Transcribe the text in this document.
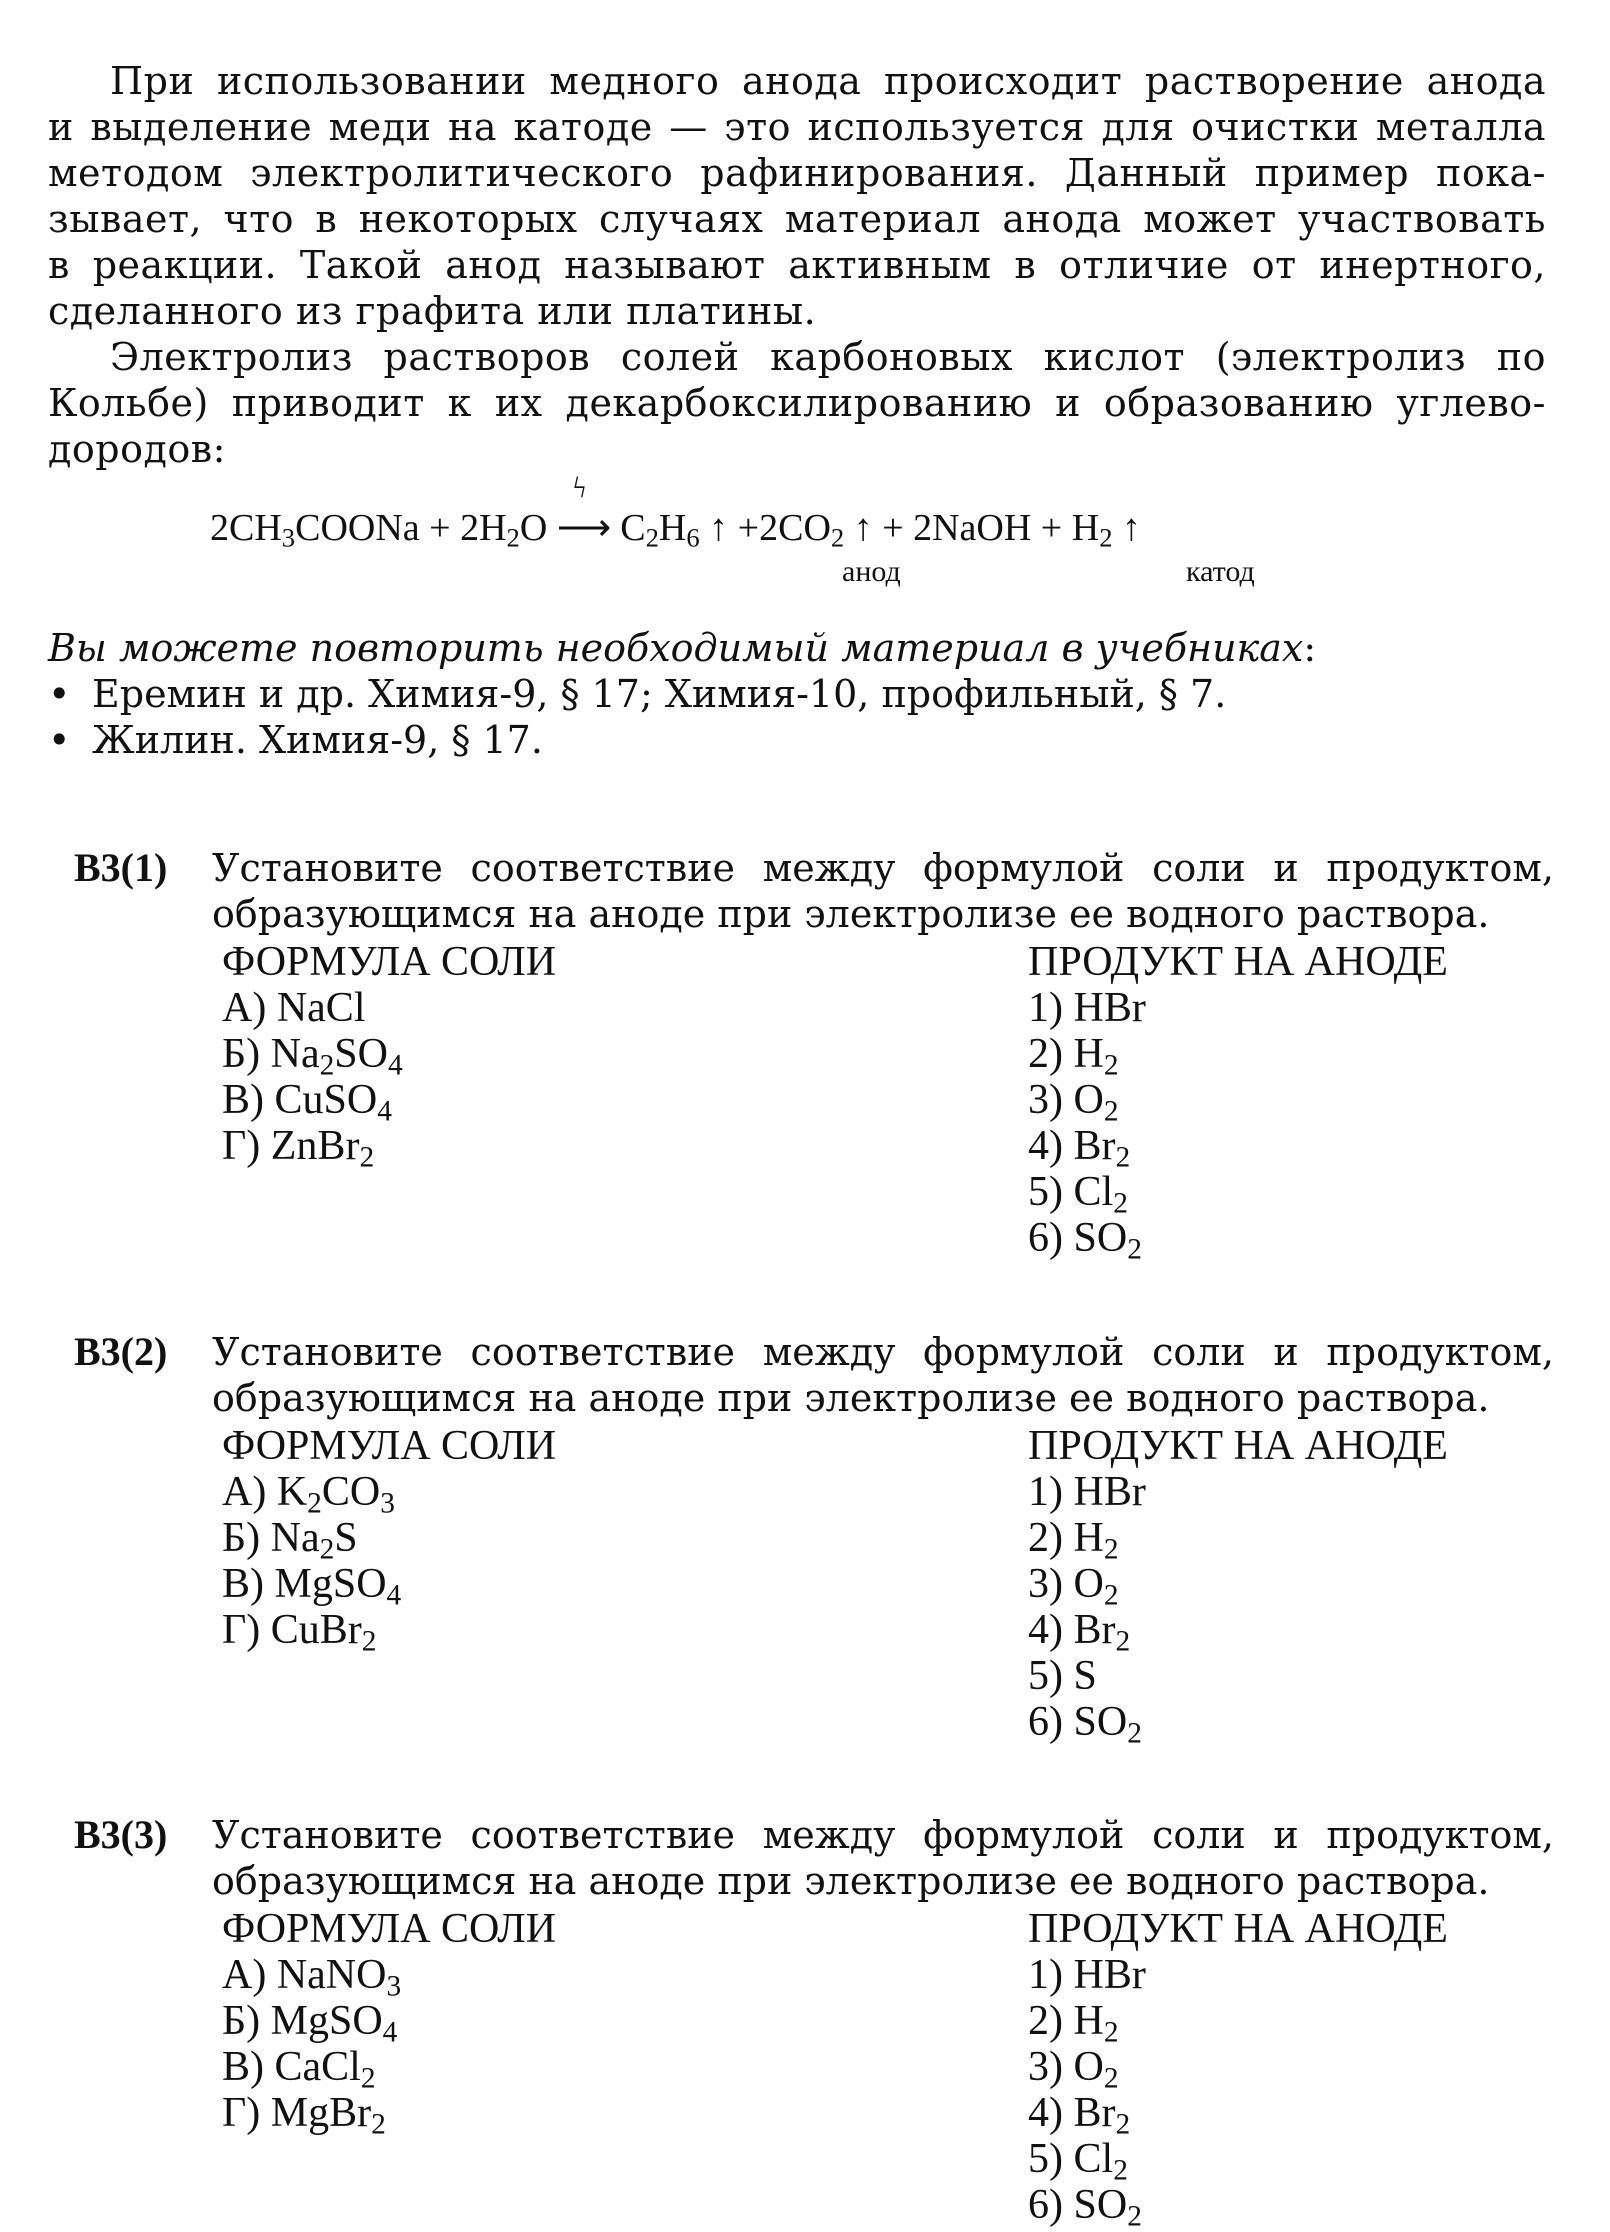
При использовании медного анода происходит растворение анода
и выделение меди на катоде — это используется для очистки металла
методом электролитического рафинирования. Данный пример пока-
зывает, что в некоторых случаях материал анода может участвовать
в реакции. Такой анод называют активным в отличие от инертного,
сделанного из графита или платины.
Электролиз растворов солей карбоновых кислот (электролиз по
Кольбе) приводит к их декарбоксилированию и образованию углево-
дородов:
$2CH_3COONa + 2H_2O$
ϟ
⟶ $C_2H_6$ ↑ $+2CO_2$ ↑ + 2NaOH + $H_2$ ↑
анод	катод
Вы можете повторить необходимый материал в учебниках:
• Еремин и др. Химия-9, § 17; Химия-10, профильный, § 7.
• Жилин. Химия-9, § 17.
В3(1) Установите соответствие между формулой соли и продуктом,
образующимся на аноде при электролизе ее водного раствора.
ФОРМУЛА СОЛИ
А) NaCl
Б) $Na_2SO_4$
В) CuSO$_4$
Г) ZnBr$_2$
ПРОДУКТ НА АНОДЕ
1) HBr
2) $H_2$
3) $O_2$
4) $Br_2$
5) $Cl_2$
6) $SO_2$
В3(2) Установите соответствие между формулой соли и продуктом,
образующимся на аноде при электролизе ее водного раствора.
ФОРМУЛА СОЛИ
А) $K_2CO_3$
Б) $Na_2S$
В) MgSO$_4$
Г) CuBr$_2$
ПРОДУКТ НА АНОДЕ
1) HBr
2) $H_2$
3) $O_2$
4) $Br_2$
5) S
6) $SO_2$
В3(3) Установите соответствие между формулой соли и продуктом,
образующимся на аноде при электролизе ее водного раствора.
ФОРМУЛА СОЛИ
А) NaNO$_3$
Б) MgSO$_4$
В) CaCl$_2$
Г) MgBr$_2$
ПРОДУКТ НА АНОДЕ
1) HBr
2) $H_2$
3) $O_2$
4) $Br_2$
5) $Cl_2$
6) $SO_2$
